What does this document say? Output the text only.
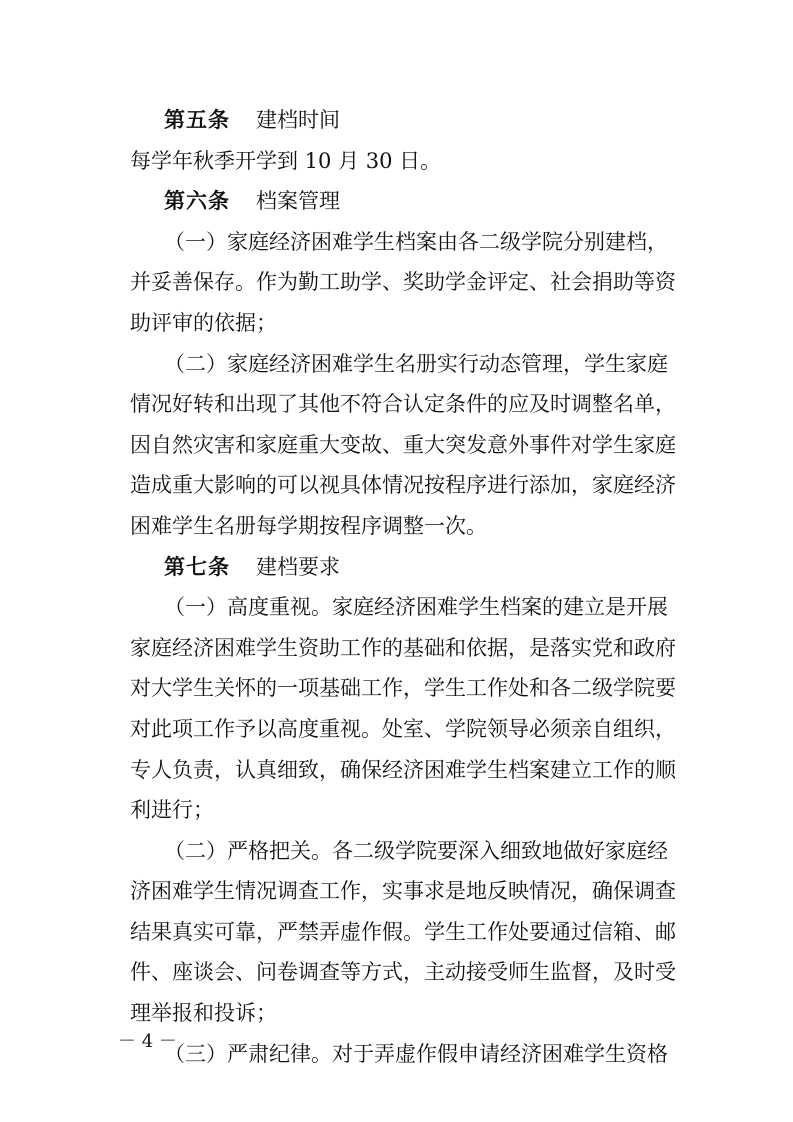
第五条 建档时间
每学年秋季开学到 10 月 30 日。
第六条 档案管理
（一）家庭经济困难学生档案由各二级学院分别建档，
并妥善保存。作为勤工助学、奖助学金评定、社会捐助等资
助评审的依据；
（二）家庭经济困难学生名册实行动态管理，学生家庭
情况好转和出现了其他不符合认定条件的应及时调整名单，
因自然灾害和家庭重大变故、重大突发意外事件对学生家庭
造成重大影响的可以视具体情况按程序进行添加，家庭经济
困难学生名册每学期按程序调整一次。
第七条 建档要求
（一）高度重视。家庭经济困难学生档案的建立是开展
家庭经济困难学生资助工作的基础和依据，是落实党和政府
对大学生关怀的一项基础工作，学生工作处和各二级学院要
对此项工作予以高度重视。处室、学院领导必须亲自组织，
专人负责，认真细致，确保经济困难学生档案建立工作的顺
利进行；
（二）严格把关。各二级学院要深入细致地做好家庭经
济困难学生情况调查工作，实事求是地反映情况，确保调查
结果真实可靠，严禁弄虚作假。学生工作处要通过信箱、邮
件、座谈会、问卷调查等方式，主动接受师生监督，及时受
理举报和投诉；
（三）严肃纪律。对于弄虚作假申请经济困难学生资格
－ 4 －
